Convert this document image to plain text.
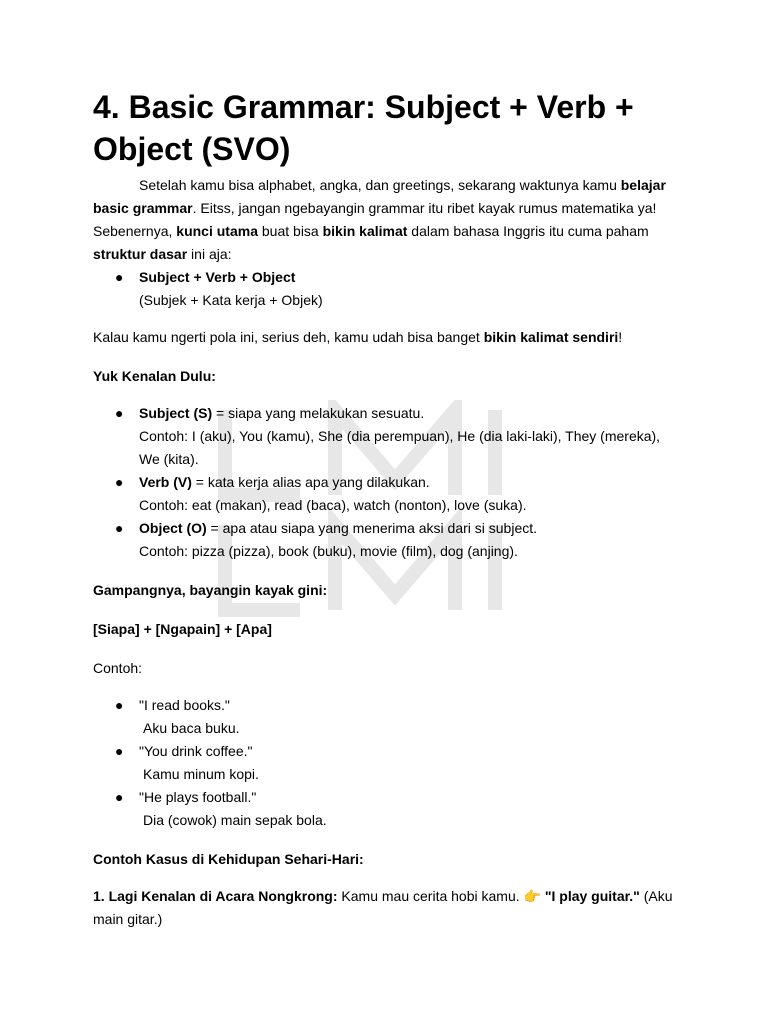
4. Basic Grammar: Subject + Verb + Object (SVO)

Setelah kamu bisa alphabet, angka, dan greetings, sekarang waktunya kamu belajar basic grammar. Eitss, jangan ngebayangin grammar itu ribet kayak rumus matematika ya! Sebenernya, kunci utama buat bisa bikin kalimat dalam bahasa Inggris itu cuma paham struktur dasar ini aja:

● Subject + Verb + Object
(Subjek + Kata kerja + Objek)

Kalau kamu ngerti pola ini, serius deh, kamu udah bisa banget bikin kalimat sendiri!

Yuk Kenalan Dulu:

● Subject (S) = siapa yang melakukan sesuatu.
Contoh: I (aku), You (kamu), She (dia perempuan), He (dia laki-laki), They (mereka), We (kita).
● Verb (V) = kata kerja alias apa yang dilakukan.
Contoh: eat (makan), read (baca), watch (nonton), love (suka).
● Object (O) = apa atau siapa yang menerima aksi dari si subject.
Contoh: pizza (pizza), book (buku), movie (film), dog (anjing).

Gampangnya, bayangin kayak gini:

[Siapa] + [Ngapain] + [Apa]

Contoh:

● "I read books."
Aku baca buku.
● "You drink coffee."
Kamu minum kopi.
● "He plays football."
Dia (cowok) main sepak bola.

Contoh Kasus di Kehidupan Sehari-Hari:

1. Lagi Kenalan di Acara Nongkrong: Kamu mau cerita hobi kamu. 👉 "I play guitar." (Aku main gitar.)
